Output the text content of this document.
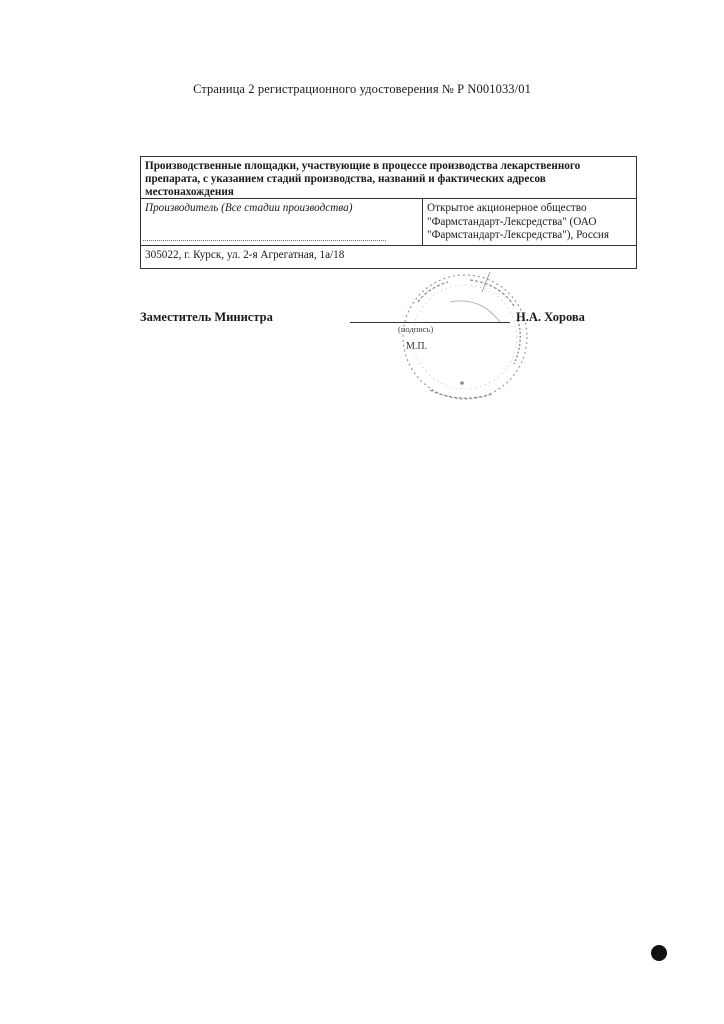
Страница 2 регистрационного удостоверения № Р N001033/01
Производственные площадки, участвующие в процессе производства лекарственного препарата, с указанием стадий производства, названий и фактических адресов местонахождения
Производитель (Все стадии производства)	Открытое акционерное общество
"Фармстандарт-Лексредства" (ОАО
"Фармстандарт-Лексредства"), Россия
305022, г. Курск, ул. 2-я Агрегатная, 1а/18
Заместитель Министра
(подпись)
М.П.
Н.А. Хорова
